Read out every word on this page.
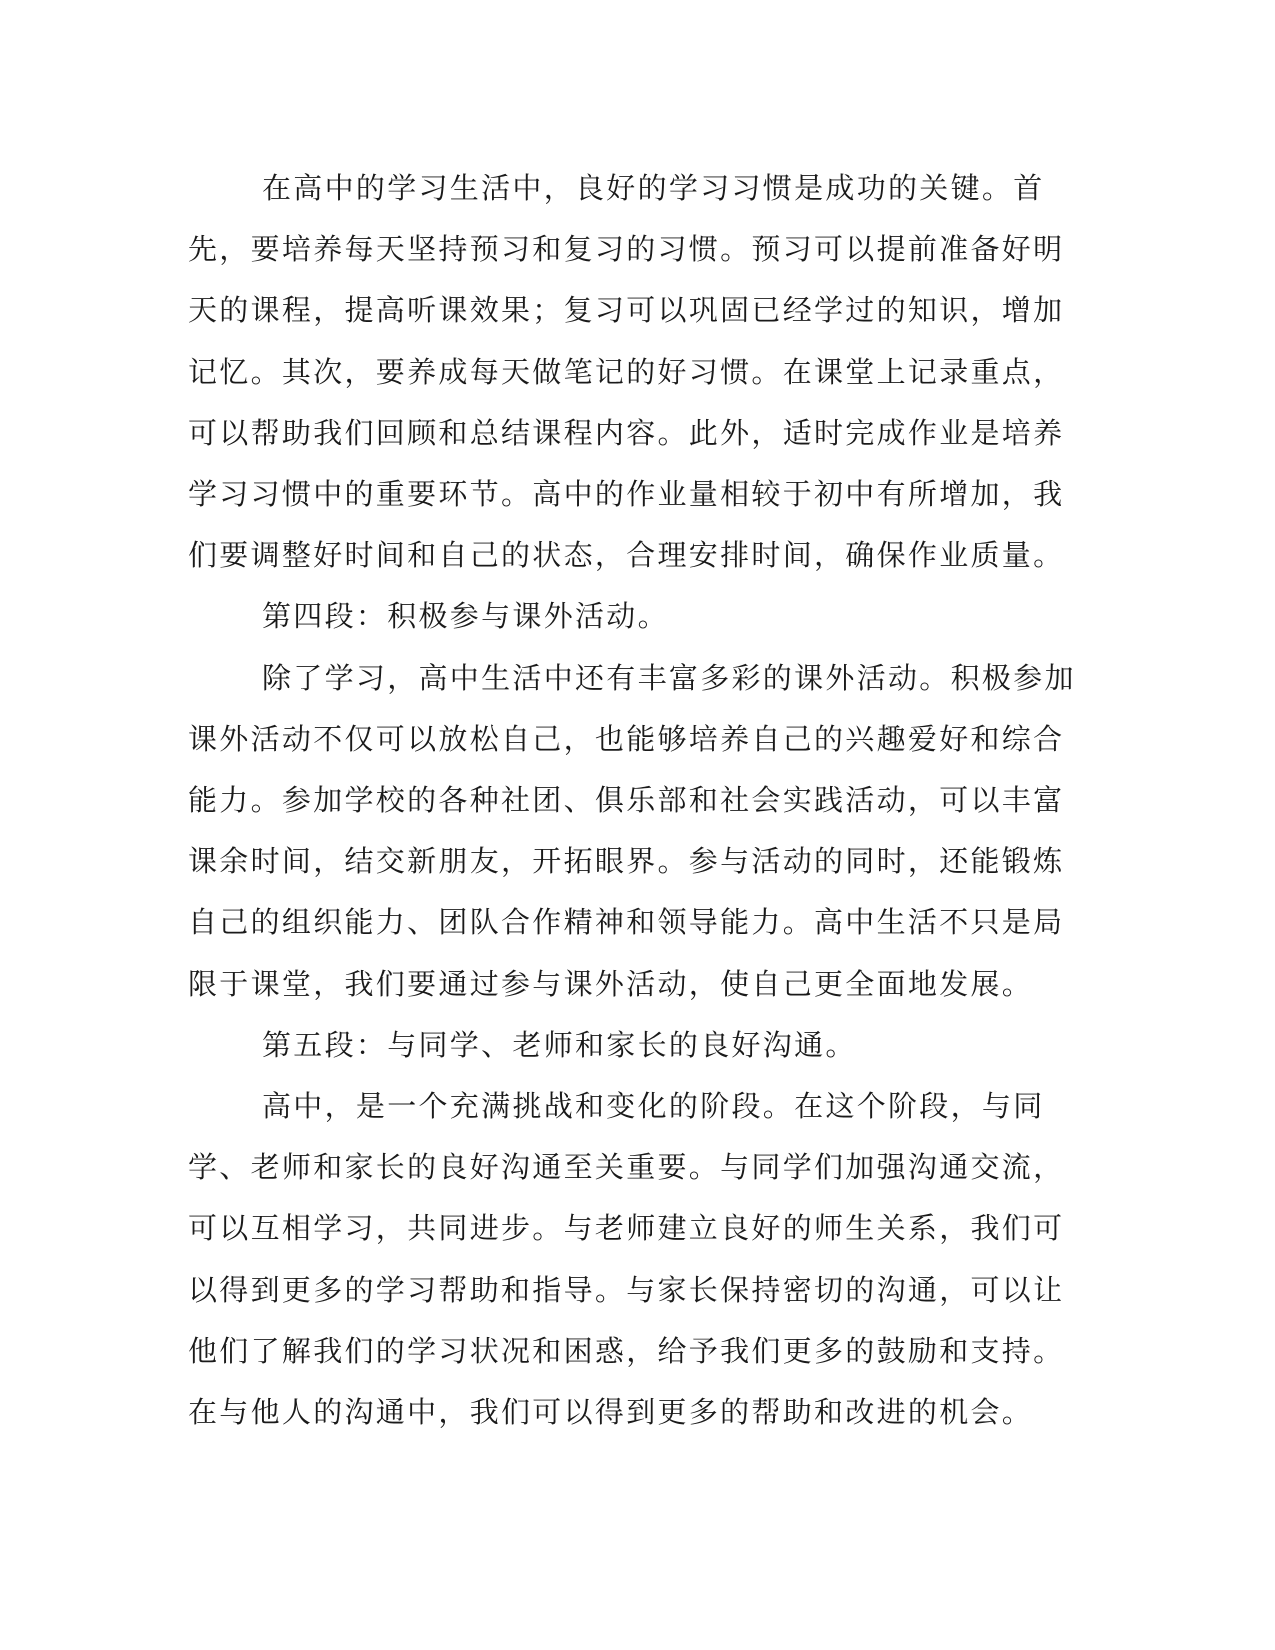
在高中的学习生活中，良好的学习习惯是成功的关键。首先，要培养每天坚持预习和复习的习惯。预习可以提前准备好明天的课程，提高听课效果；复习可以巩固已经学过的知识，增加记忆。其次，要养成每天做笔记的好习惯。在课堂上记录重点，可以帮助我们回顾和总结课程内容。此外，适时完成作业是培养学习习惯中的重要环节。高中的作业量相较于初中有所增加，我们要调整好时间和自己的状态，合理安排时间，确保作业质量。

第四段：积极参与课外活动。

除了学习，高中生活中还有丰富多彩的课外活动。积极参加课外活动不仅可以放松自己，也能够培养自己的兴趣爱好和综合能力。参加学校的各种社团、俱乐部和社会实践活动，可以丰富课余时间，结交新朋友，开拓眼界。参与活动的同时，还能锻炼自己的组织能力、团队合作精神和领导能力。高中生活不只是局限于课堂，我们要通过参与课外活动，使自己更全面地发展。

第五段：与同学、老师和家长的良好沟通。

高中，是一个充满挑战和变化的阶段。在这个阶段，与同学、老师和家长的良好沟通至关重要。与同学们加强沟通交流，可以互相学习，共同进步。与老师建立良好的师生关系，我们可以得到更多的学习帮助和指导。与家长保持密切的沟通，可以让他们了解我们的学习状况和困惑，给予我们更多的鼓励和支持。在与他人的沟通中，我们可以得到更多的帮助和改进的机会。
